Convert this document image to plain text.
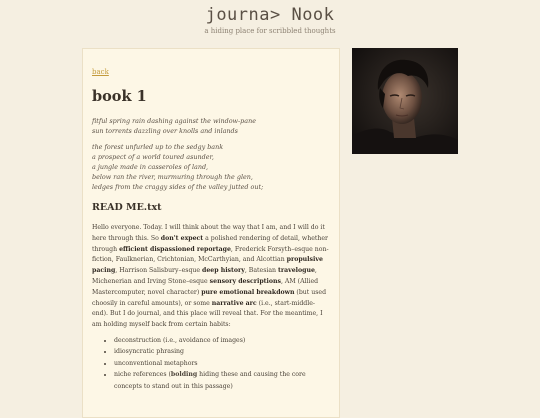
journa> Nook
a hiding place for scribbled thoughts
back
book 1
fitful spring rain dashing against the window-pane
sun torrents dazzling over knolls and inlands
the forest unfurled up to the sedgy bank
a prospect of a world toured asunder,
a jungle made in casseroles of land,
below ran the river, murmuring through the glen,
ledges from the craggy sides of the valley jutted out;
READ ME.txt

Hello everyone. Today. I will think about the way that I am, and I will do it here through this. So don't expect a polished rendering of detail, whether through efficient dispassioned reportage, Frederick Forsyth–esque non-fiction, Faulknerian, Crichtonian, McCarthyian, and Alcottian propulsive pacing, Harrison Salisbury–esque deep history, Batesian travelogue, Michenerian and Irving Stone–esque sensory descriptions, AM (Allied Mastercomputer, novel character) pure emotional breakdown (but used choosily in careful amounts), or some narrative arc (i.e., start-middle-end). But I do journal, and this place will reveal that. For the meantime, I am holding myself back from certain habits:

• deconstruction (i.e., avoidance of images)
• idiosyncratic phrasing
• unconventional metaphors
• niche references (bolding hiding these and causing the core concepts to stand out in this passage)
